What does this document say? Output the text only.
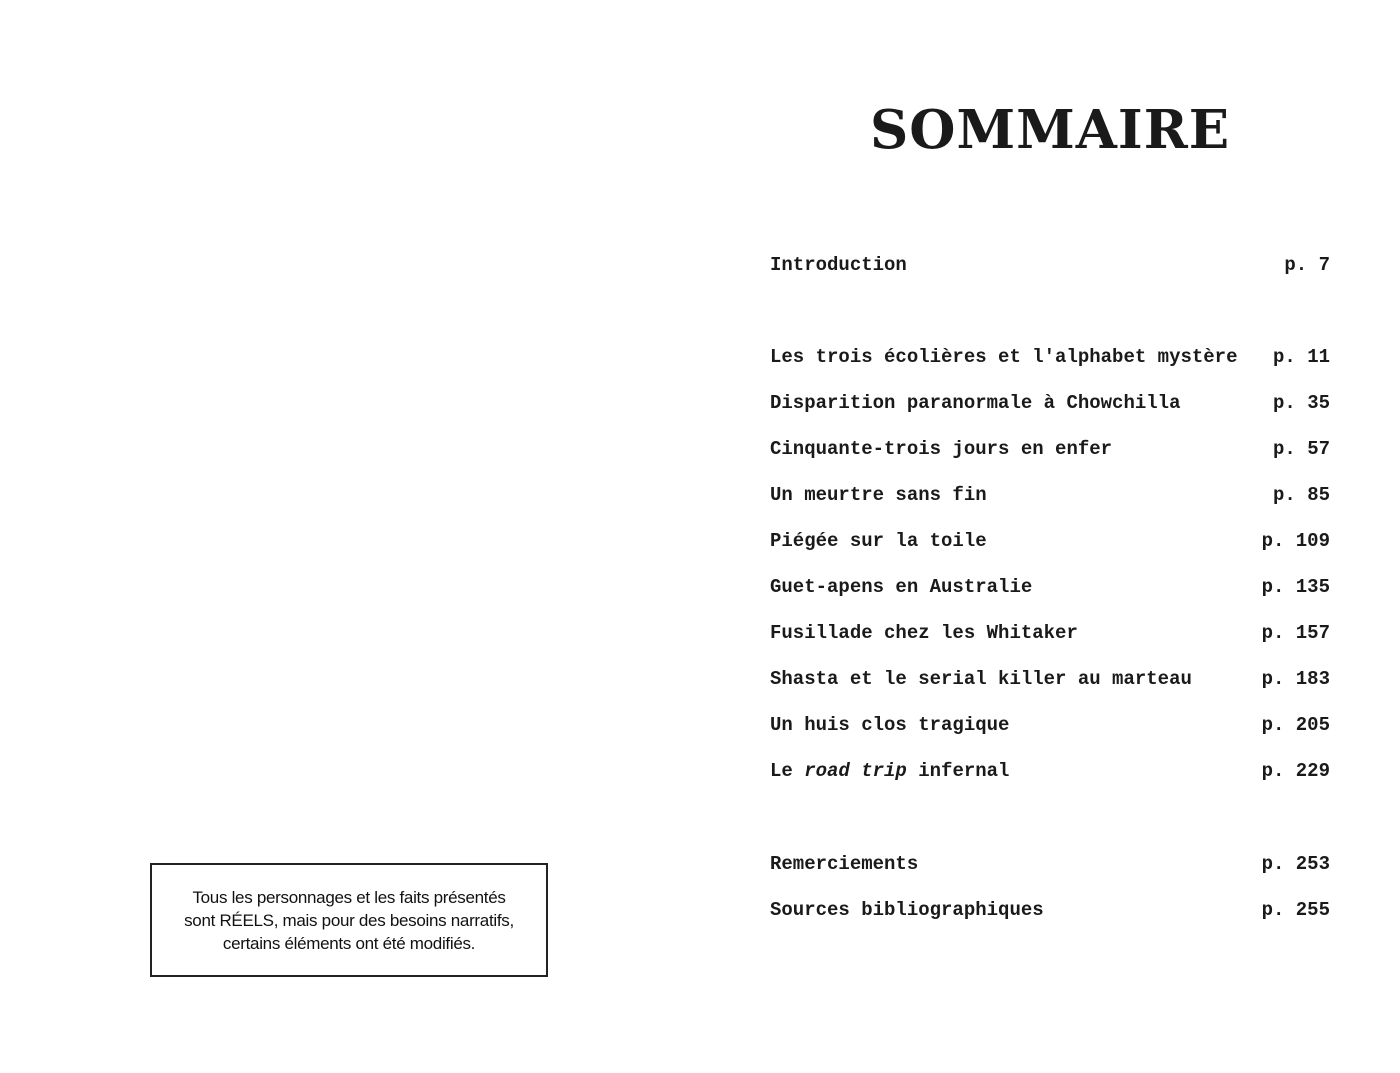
SOMMAIRE
Introduction	p. 7
Les trois écolières et l'alphabet mystère p. 11
Disparition paranormale à Chowchilla	p. 35
Cinquante-trois jours en enfer	p. 57
Un meurtre sans fin	p. 85
Piégée sur la toile	p. 109
Guet-apens en Australie	p. 135
Fusillade chez les Whitaker	p. 157
Shasta et le serial killer au marteau	p. 183
Un huis clos tragique	p. 205
Le road trip infernal	p. 229
Remerciements	p. 253
Sources bibliographiques	p. 255
Tous les personnages et les faits présentés
sont RÉELS, mais pour des besoins narratifs,
certains éléments ont été modifiés.
